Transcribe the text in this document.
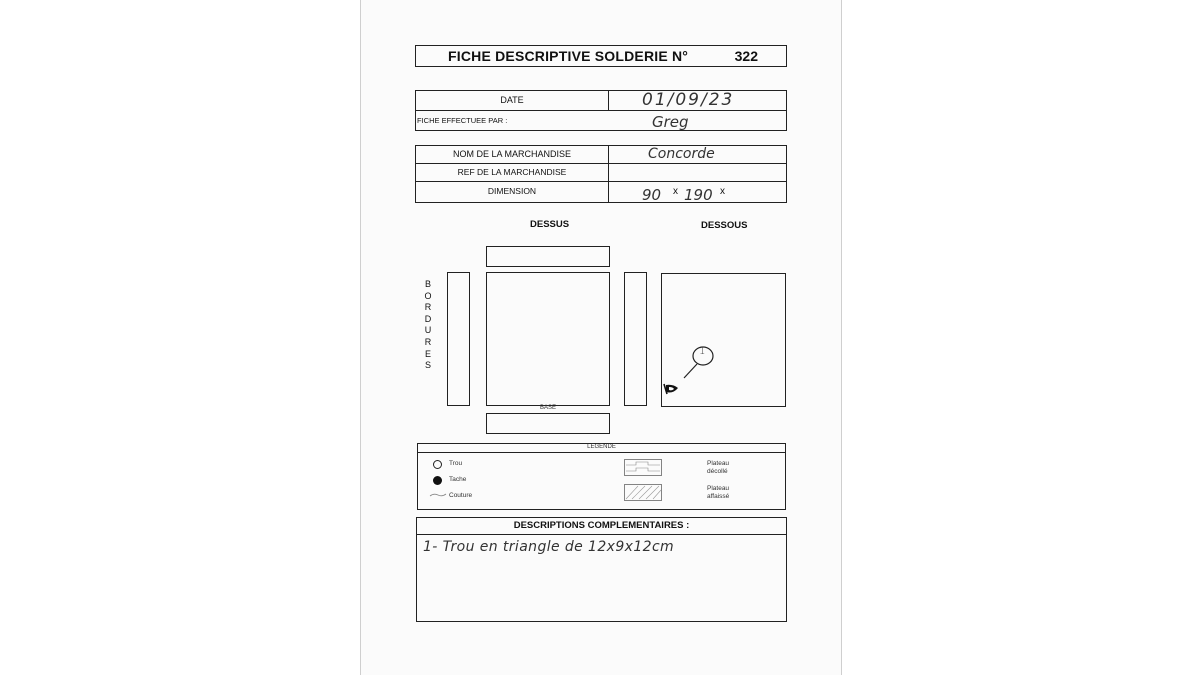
FICHE DESCRIPTIVE SOLDERIE N°	322
DATE	01/09/23
FICHE EFFECTUEE PAR :	Greg
NOM DE LA MARCHANDISE	Concorde
REF DE LA MARCHANDISE
DIMENSION	90 x 190 x
DESSUS	DESSOUS
B
O
R
D
U
R
E
S
BASE
1
LEGENDE
Trou
Tache
Couture
Plateau
décollé
Plateau
affaissé
DESCRIPTIONS COMPLEMENTAIRES :
1- Trou en triangle de 12x9x12cm
